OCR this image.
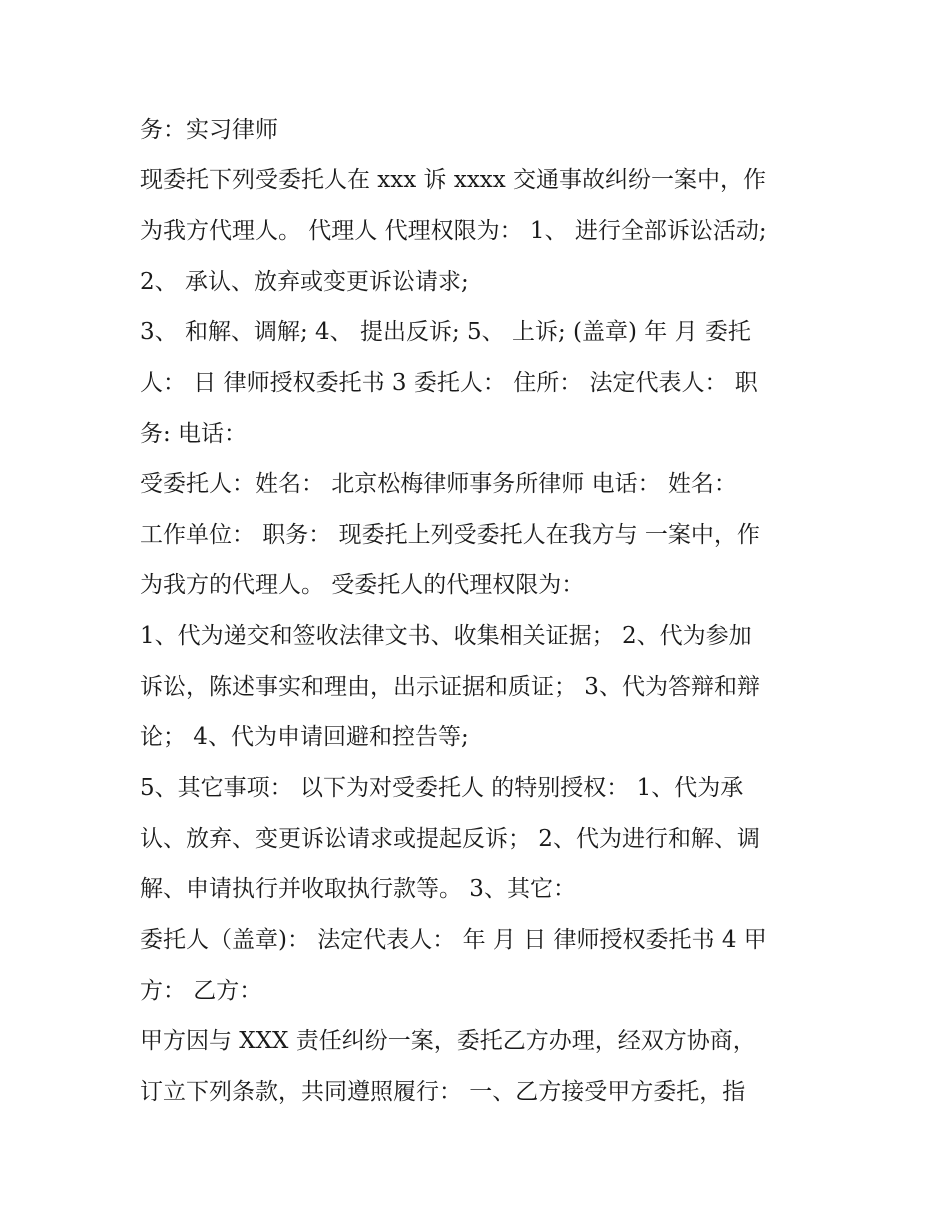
务：实习律师
现委托下列受委托人在 xxx 诉 xxxx 交通事故纠纷一案中，作
为我方代理人。 代理人 代理权限为： 1、 进行全部诉讼活动;
2、 承认、放弃或变更诉讼请求;
3、 和解、调解; 4、 提出反诉; 5、 上诉; (盖章) 年 月 委托
人： 日 律师授权委托书 3 委托人： 住所： 法定代表人： 职
务: 电话：
受委托人：姓名： 北京松梅律师事务所律师 电话： 姓名：
工作单位： 职务： 现委托上列受委托人在我方与 一案中，作
为我方的代理人。 受委托人的代理权限为：
1、代为递交和签收法律文书、收集相关证据； 2、代为参加
诉讼，陈述事实和理由，出示证据和质证； 3、代为答辩和辩
论； 4、代为申请回避和控告等;
5、其它事项： 以下为对受委托人 的特别授权： 1、代为承
认、放弃、变更诉讼请求或提起反诉； 2、代为进行和解、调
解、申请执行并收取执行款等。 3、其它：
委托人（盖章)： 法定代表人： 年 月 日 律师授权委托书 4 甲
方： 乙方：
甲方因与 XXX 责任纠纷一案，委托乙方办理，经双方协商，
订立下列条款，共同遵照履行： 一、乙方接受甲方委托，指
